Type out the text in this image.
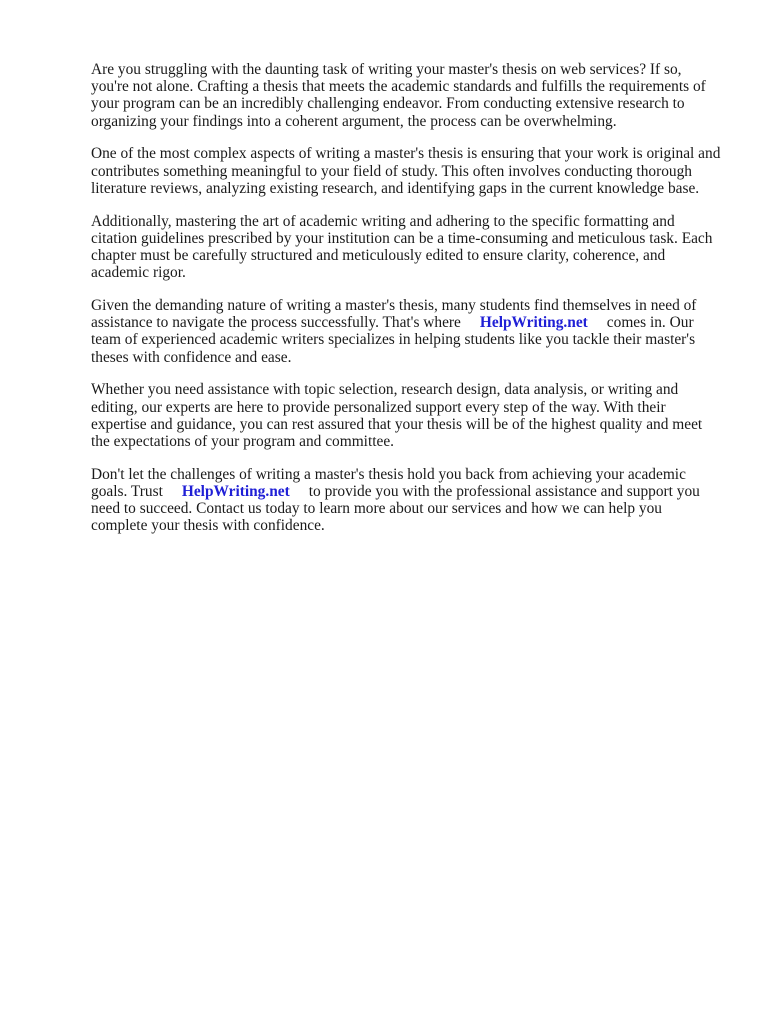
Are you struggling with the daunting task of writing your master's thesis on web services? If so, you're not alone. Crafting a thesis that meets the academic standards and fulfills the requirements of your program can be an incredibly challenging endeavor. From conducting extensive research to organizing your findings into a coherent argument, the process can be overwhelming.

One of the most complex aspects of writing a master's thesis is ensuring that your work is original and contributes something meaningful to your field of study. This often involves conducting thorough literature reviews, analyzing existing research, and identifying gaps in the current knowledge base.

Additionally, mastering the art of academic writing and adhering to the specific formatting and citation guidelines prescribed by your institution can be a time-consuming and meticulous task. Each chapter must be carefully structured and meticulously edited to ensure clarity, coherence, and academic rigor.

Given the demanding nature of writing a master's thesis, many students find themselves in need of assistance to navigate the process successfully. That's where HelpWriting.net comes in. Our team of experienced academic writers specializes in helping students like you tackle their master's theses with confidence and ease.

Whether you need assistance with topic selection, research design, data analysis, or writing and editing, our experts are here to provide personalized support every step of the way. With their expertise and guidance, you can rest assured that your thesis will be of the highest quality and meet the expectations of your program and committee.

Don't let the challenges of writing a master's thesis hold you back from achieving your academic goals. Trust HelpWriting.net to provide you with the professional assistance and support you need to succeed. Contact us today to learn more about our services and how we can help you complete your thesis with confidence.
